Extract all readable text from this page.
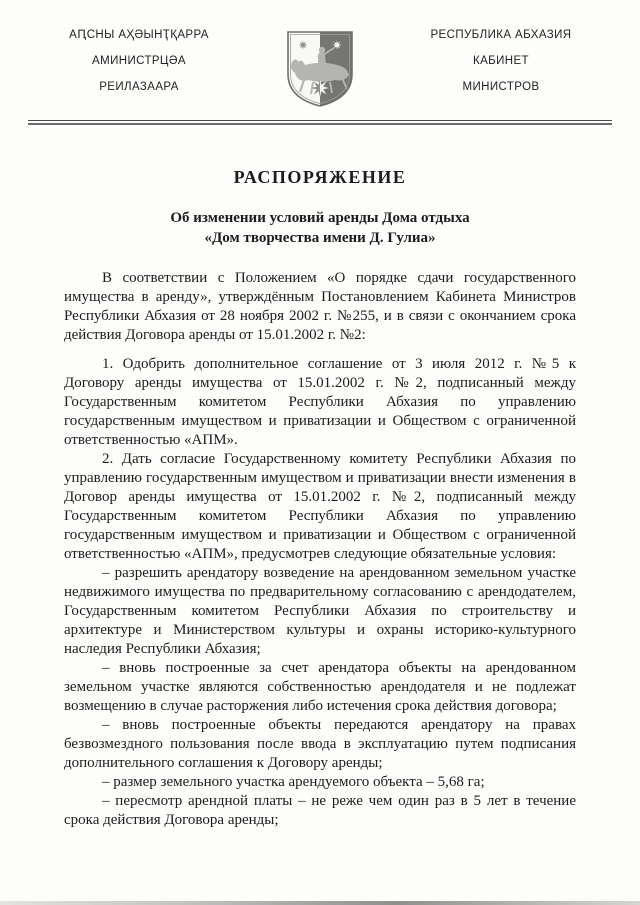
АԤСНЫ АҲӘЫНҬҚАРРА
АМИНИСТРЦӘА
РЕИЛАЗААРА
РЕСПУБЛИКА АБХАЗИЯ
КАБИНЕТ
МИНИСТРОВ
РАСПОРЯЖЕНИЕ
Об изменении условий аренды Дома отдыха
«Дом творчества имени Д. Гулиа»

В соответствии с Положением «О порядке сдачи государственного имущества в аренду», утверждённым Постановлением Кабинета Министров Республики Абхазия от 28 ноября 2002 г. №255, и в связи с окончанием срока действия Договора аренды от 15.01.2002 г. №2:

1. Одобрить дополнительное соглашение от 3 июля 2012 г. №5 к Договору аренды имущества от 15.01.2002 г. №2, подписанный между Государственным комитетом Республики Абхазия по управлению государственным имуществом и приватизации и Обществом с ограниченной ответственностью «АПМ».

2. Дать согласие Государственному комитету Республики Абхазия по управлению государственным имуществом и приватизации внести изменения в Договор аренды имущества от 15.01.2002 г. №2, подписанный между Государственным комитетом Республики Абхазия по управлению государственным имуществом и приватизации и Обществом с ограниченной ответственностью «АПМ», предусмотрев следующие обязательные условия:

– разрешить арендатору возведение на арендованном земельном участке недвижимого имущества по предварительному согласованию с арендодателем, Государственным комитетом Республики Абхазия по строительству и архитектуре и Министерством культуры и охраны историко-культурного наследия Республики Абхазия;

– вновь построенные за счет арендатора объекты на арендованном земельном участке являются собственностью арендодателя и не подлежат возмещению в случае расторжения либо истечения срока действия договора;

– вновь построенные объекты передаются арендатору на правах безвозмездного пользования после ввода в эксплуатацию путем подписания дополнительного соглашения к Договору аренды;

– размер земельного участка арендуемого объекта – 5,68 га;

– пересмотр арендной платы – не реже чем один раз в 5 лет в течение срока действия Договора аренды;
